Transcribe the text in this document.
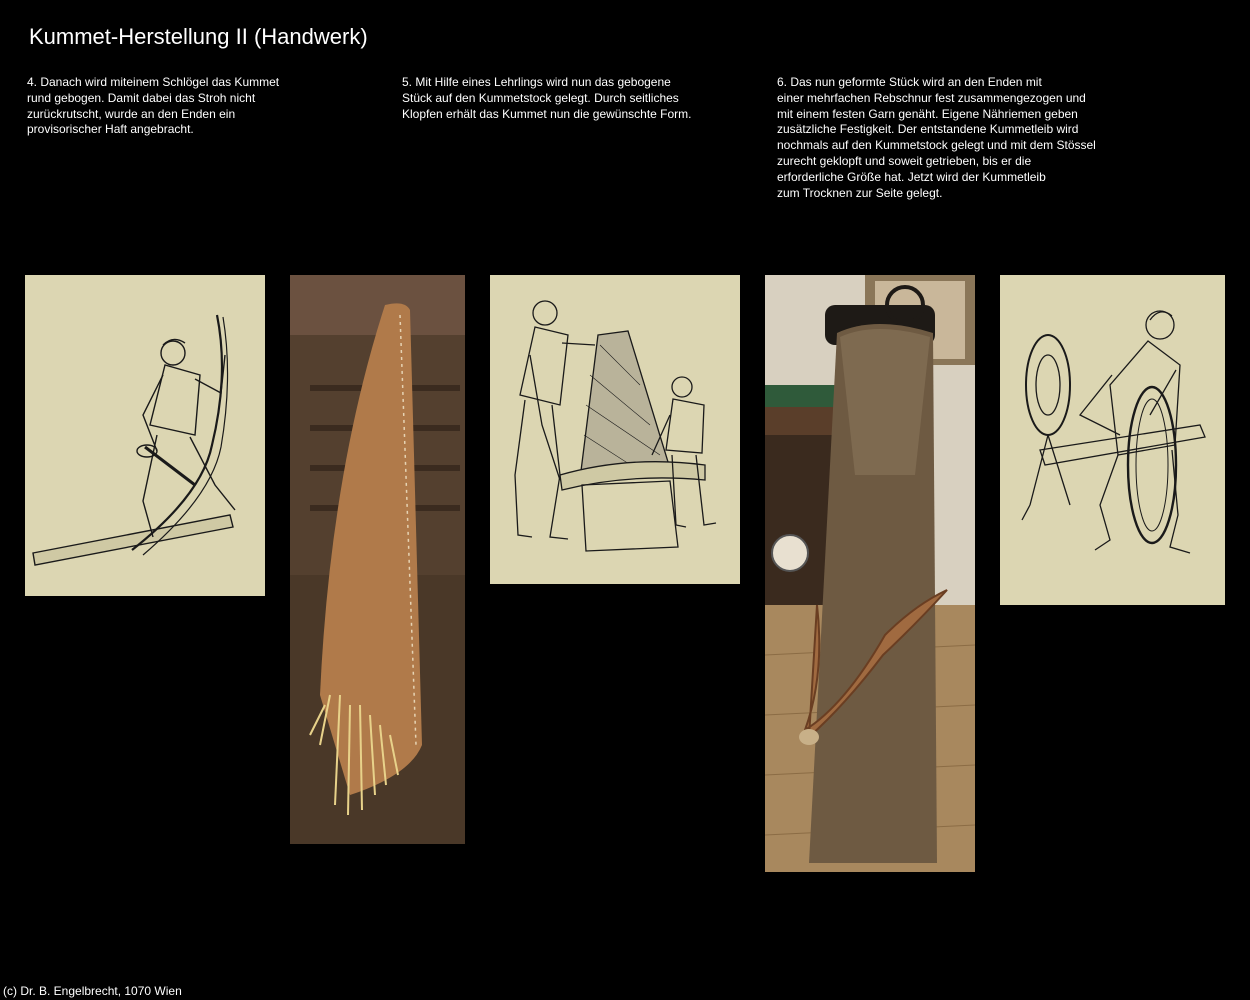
Kummet-Herstellung II (Handwerk)
4. Danach wird miteinem Schlögel das Kummet
rund gebogen. Damit dabei das Stroh nicht
zurückrutscht, wurde an den Enden ein
provisorischer Haft angebracht.
5. Mit Hilfe eines Lehrlings wird nun das gebogene
Stück auf den Kummetstock gelegt. Durch seitliches
Klopfen erhält das Kummet nun die gewünschte Form.
6. Das nun geformte Stück wird an den Enden mit
einer mehrfachen Rebschnur fest zusammengezogen und
mit einem festen Garn genäht. Eigene Nähriemen geben
zusätzliche Festigkeit. Der entstandene Kummetleib wird
nochmals auf den Kummetstock gelegt und mit dem Stössel
zurecht geklopft und soweit getrieben, bis er die
erforderliche Größe hat. Jetzt wird der Kummetleib
zum Trocknen zur Seite gelegt.
(c) Dr. B. Engelbrecht, 1070 Wien
